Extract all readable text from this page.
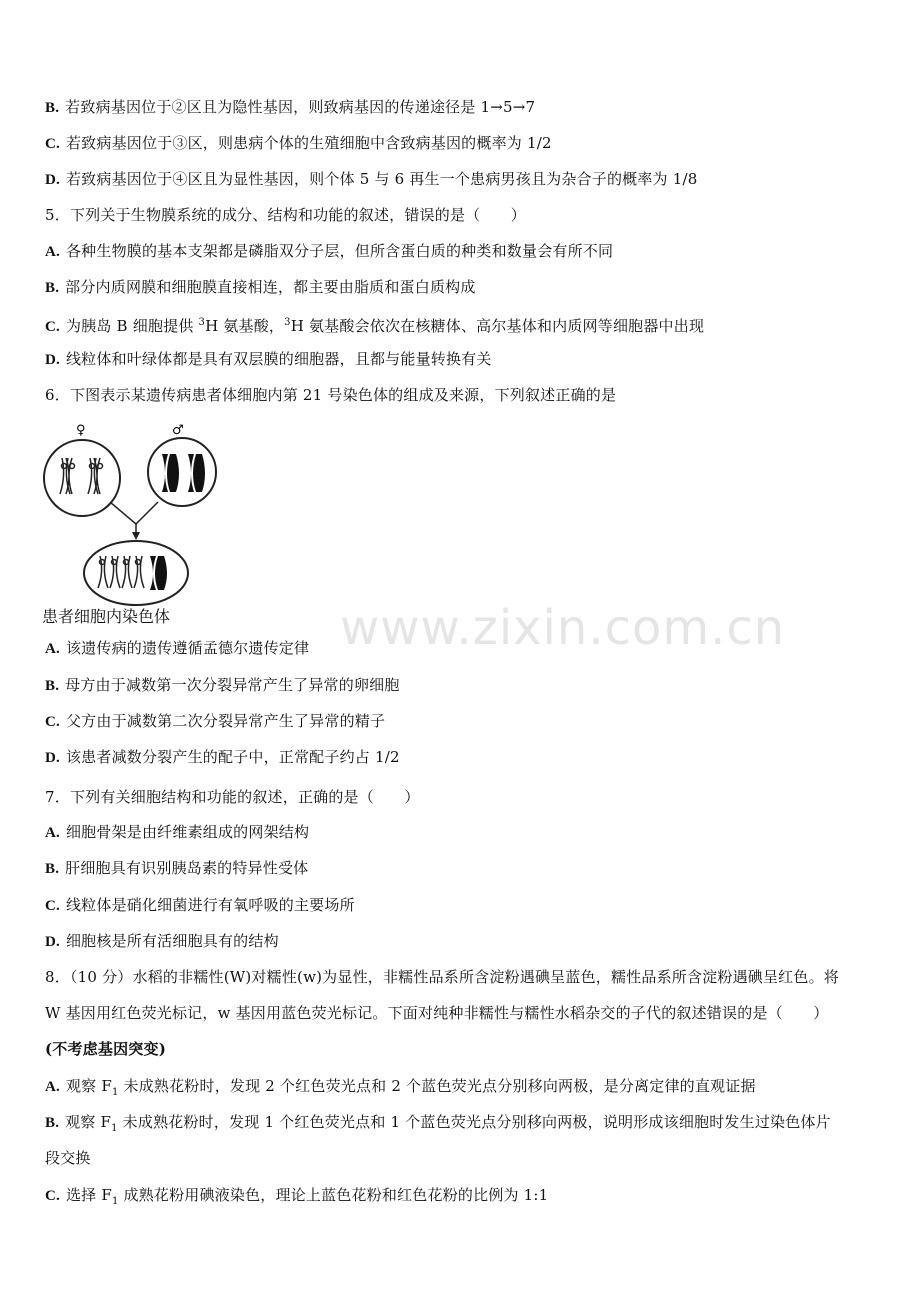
B. 若致病基因位于②区且为隐性基因，则致病基因的传递途径是 1→5→7
C. 若致病基因位于③区，则患病个体的生殖细胞中含致病基因的概率为 1/2
D. 若致病基因位于④区且为显性基因，则个体 5 与 6 再生一个患病男孩且为杂合子的概率为 1/8
5．下列关于生物膜系统的成分、结构和功能的叙述，错误的是（　　）
A. 各种生物膜的基本支架都是磷脂双分子层，但所含蛋白质的种类和数量会有所不同
B. 部分内质网膜和细胞膜直接相连，都主要由脂质和蛋白质构成
C. 为胰岛 B 细胞提供 $^3$H 氨基酸，$^3$H 氨基酸会依次在核糖体、高尔基体和内质网等细胞器中出现
D. 线粒体和叶绿体都是具有双层膜的细胞器，且都与能量转换有关
6．下图表示某遗传病患者体细胞内第 21 号染色体的组成及来源，下列叙述正确的是
♀	♂
患者细胞内染色体
A. 该遗传病的遗传遵循孟德尔遗传定律
B. 母方由于减数第一次分裂异常产生了异常的卵细胞
C. 父方由于减数第二次分裂异常产生了异常的精子
D. 该患者减数分裂产生的配子中，正常配子约占 1/2
7．下列有关细胞结构和功能的叙述，正确的是（　　）
A. 细胞骨架是由纤维素组成的网架结构
B. 肝细胞具有识别胰岛素的特异性受体
C. 线粒体是硝化细菌进行有氧呼吸的主要场所
D. 细胞核是所有活细胞具有的结构
8．（10 分）水稻的非糯性(W)对糯性(w)为显性，非糯性品系所含淀粉遇碘呈蓝色，糯性品系所含淀粉遇碘呈红色。将
W 基因用红色荧光标记，w 基因用蓝色荧光标记。下面对纯种非糯性与糯性水稻杂交的子代的叙述错误的是（　　）
(不考虑基因突变)
A. 观察 $F_1$ 未成熟花粉时，发现 2 个红色荧光点和 2 个蓝色荧光点分别移向两极，是分离定律的直观证据
B. 观察 $F_1$ 未成熟花粉时，发现 1 个红色荧光点和 1 个蓝色荧光点分别移向两极，说明形成该细胞时发生过染色体片
段交换
C. 选择 $F_1$ 成熟花粉用碘液染色，理论上蓝色花粉和红色花粉的比例为 1:1
www.zixin.com.cn
